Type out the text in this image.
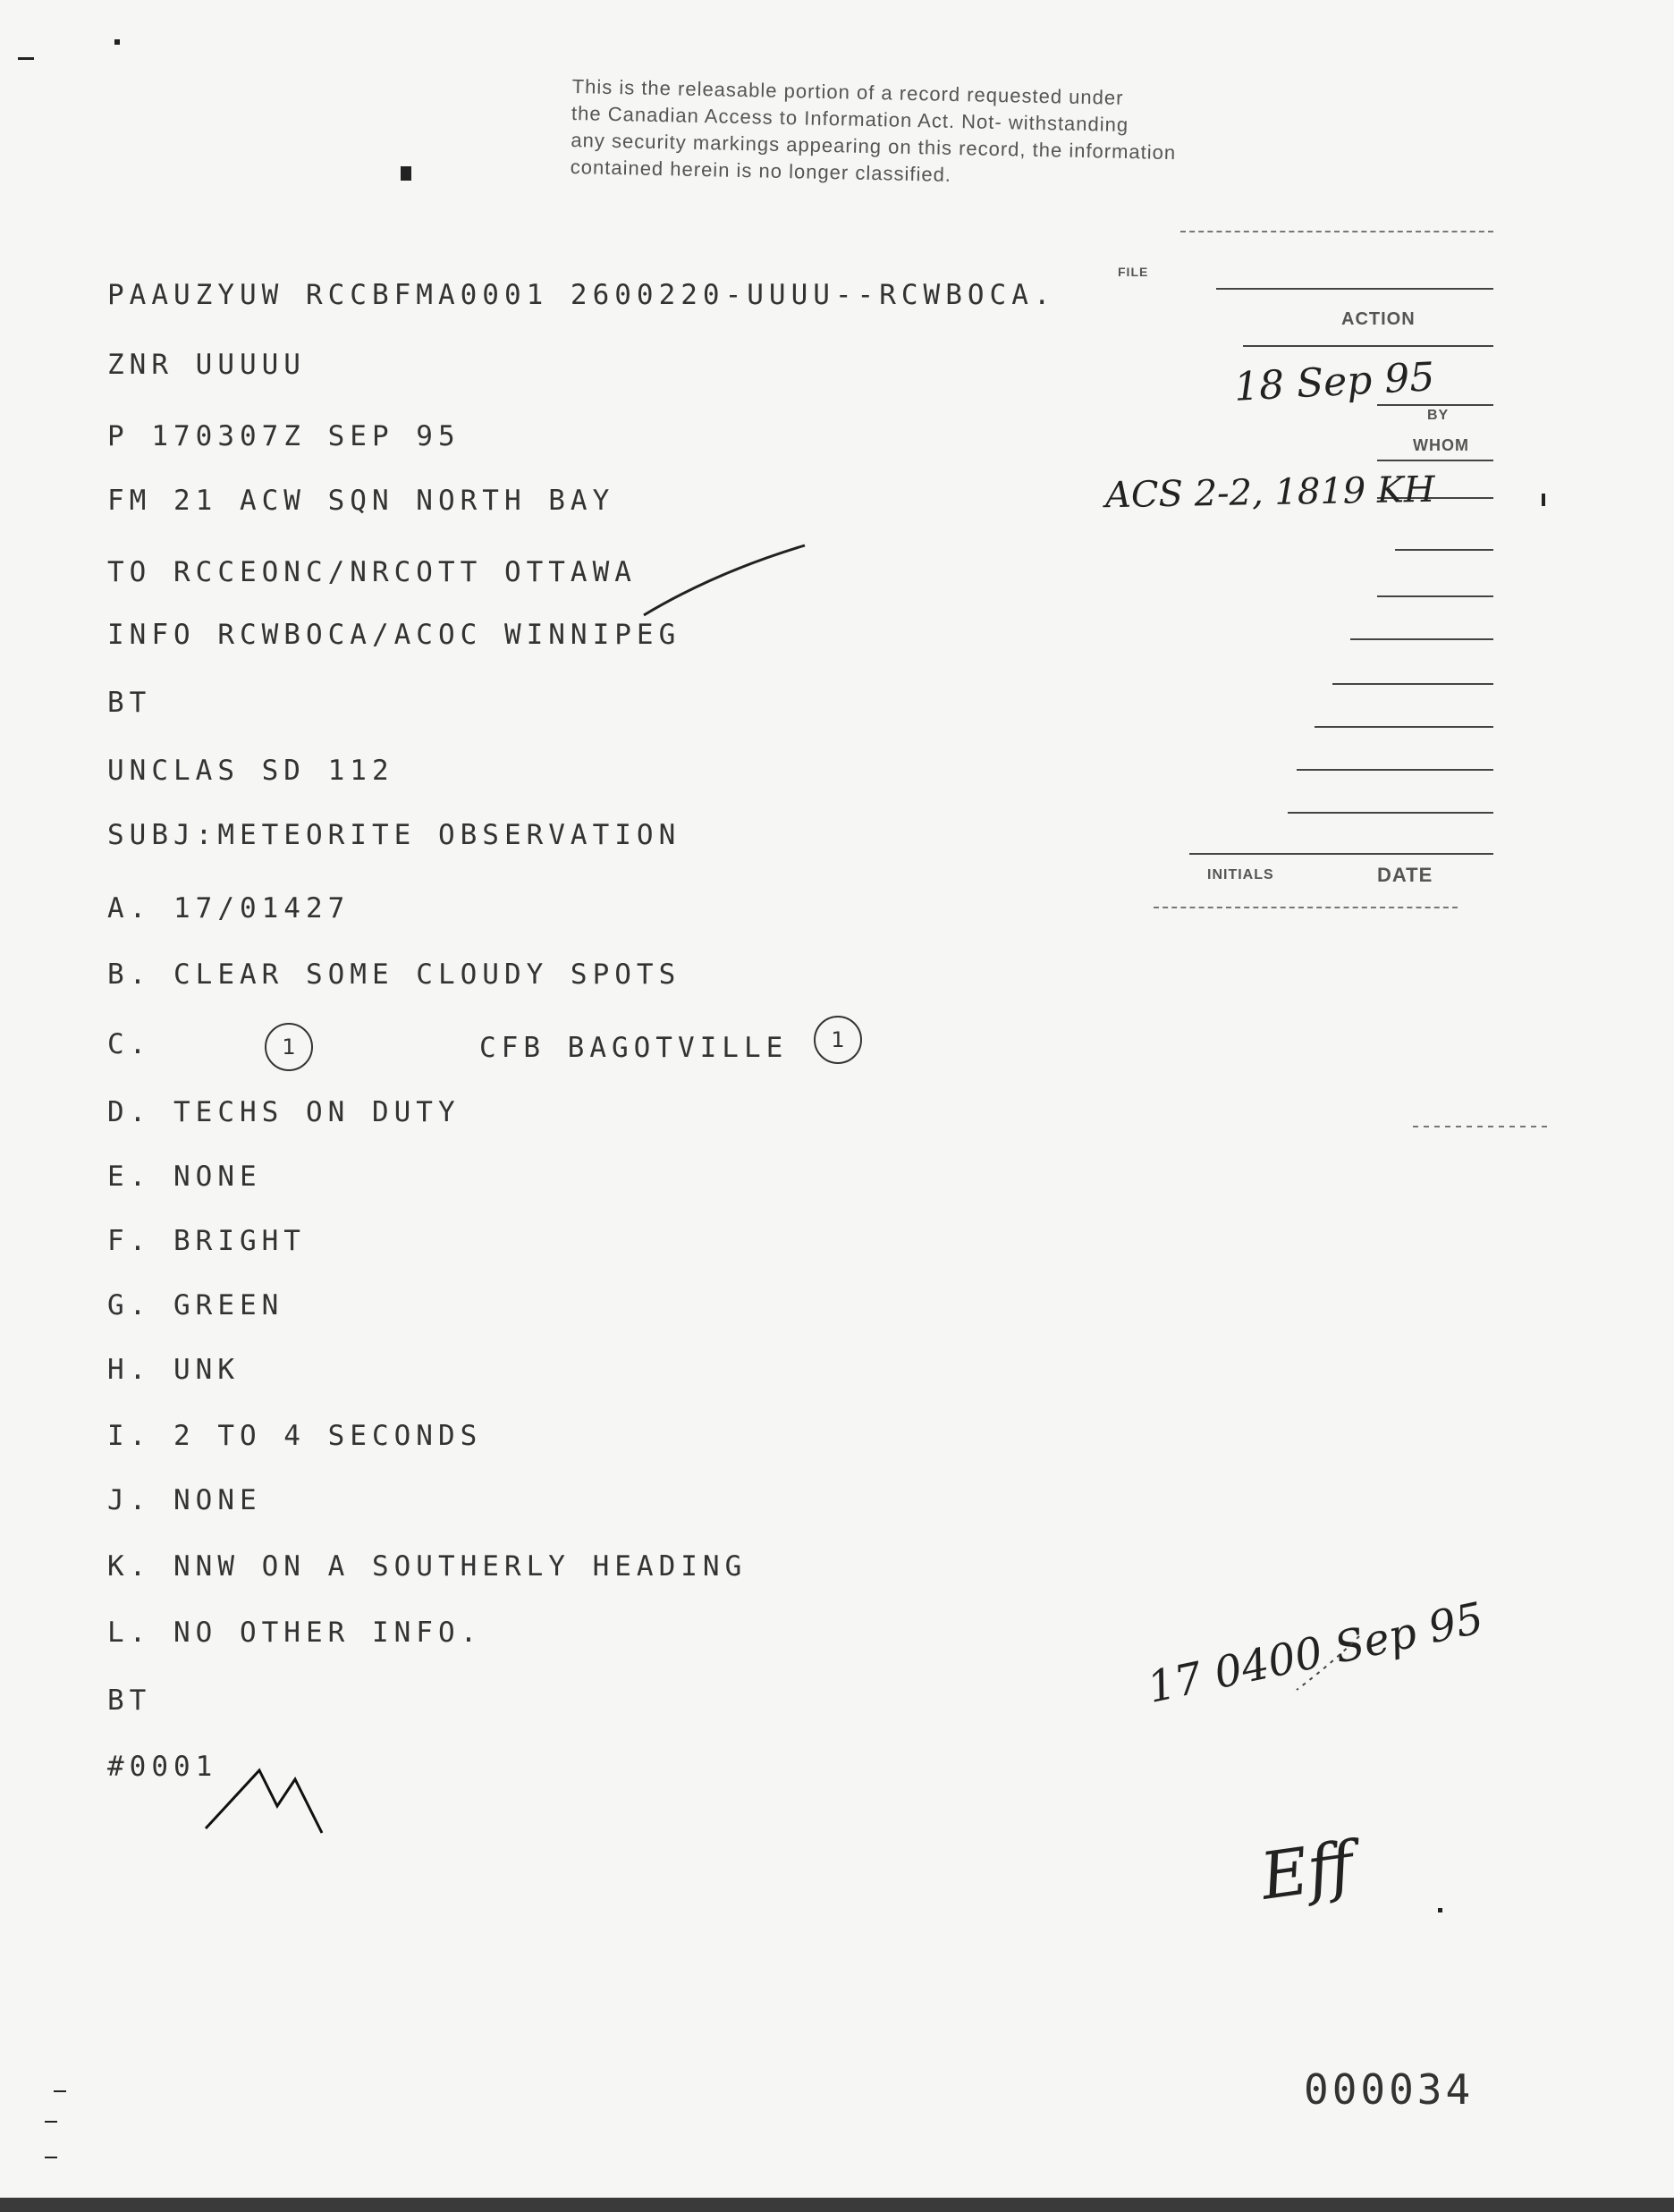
This is the releasable portion of a record requested under
the Canadian Access to Information Act. Not- withstanding
any security markings appearing on this record, the information
contained herein is no longer classified.
PAAUZYUW RCCBFMA0001 2600220-UUUU--RCWBOCA.
ZNR UUUUU
P 170307Z SEP 95
FM 21 ACW SQN NORTH BAY
TO RCCEONC/NRCOTT OTTAWA
INFO RCWBOCA/ACOC WINNIPEG
BT
UNCLAS SD 112
SUBJ:METEORITE OBSERVATION
A. 17/01427
B. CLEAR SOME CLOUDY SPOTS
C.	CFB BAGOTVILLE
D. TECHS ON DUTY
E. NONE
F. BRIGHT
G. GREEN
H. UNK
I. 2 TO 4 SECONDS
J. NONE
K. NNW ON A SOUTHERLY HEADING
L. NO OTHER INFO.
BT
#0001
1	1
FILE
ACTION
BY
WHOM
INITIALS	DATE
18 Sep 95
ACS 2-2, 1819 KH
17 0400 Sep 95
Eff
000034
